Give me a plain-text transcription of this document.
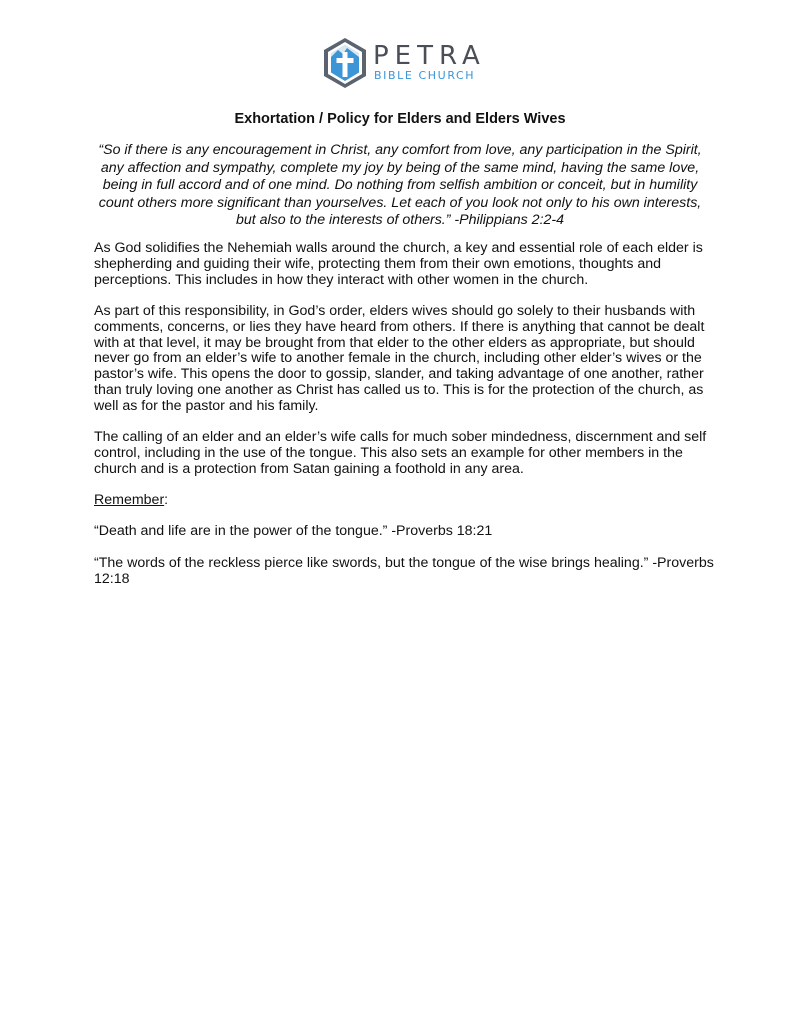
PETRA
BIBLE CHURCH
Exhortation / Policy for Elders and Elders Wives
“So if there is any encouragement in Christ, any comfort from love, any participation in the Spirit, any affection and sympathy, complete my joy by being of the same mind, having the same love, being in full accord and of one mind. Do nothing from selfish ambition or conceit, but in humility count others more significant than yourselves. Let each of you look not only to his own interests, but also to the interests of others.” -Philippians 2:2-4

As God solidifies the Nehemiah walls around the church, a key and essential role of each elder is shepherding and guiding their wife, protecting them from their own emotions, thoughts and perceptions. This includes in how they interact with other women in the church.

As part of this responsibility, in God’s order, elders wives should go solely to their husbands with comments, concerns, or lies they have heard from others. If there is anything that cannot be dealt with at that level, it may be brought from that elder to the other elders as appropriate, but should never go from an elder’s wife to another female in the church, including other elder’s wives or the pastor’s wife. This opens the door to gossip, slander, and taking advantage of one another, rather than truly loving one another as Christ has called us to. This is for the protection of the church, as well as for the pastor and his family.

The calling of an elder and an elder’s wife calls for much sober mindedness, discernment and self control, including in the use of the tongue. This also sets an example for other members in the church and is a protection from Satan gaining a foothold in any area.

Remember:

“Death and life are in the power of the tongue.” -Proverbs 18:21

“The words of the reckless pierce like swords, but the tongue of the wise brings healing.” -Proverbs 12:18
